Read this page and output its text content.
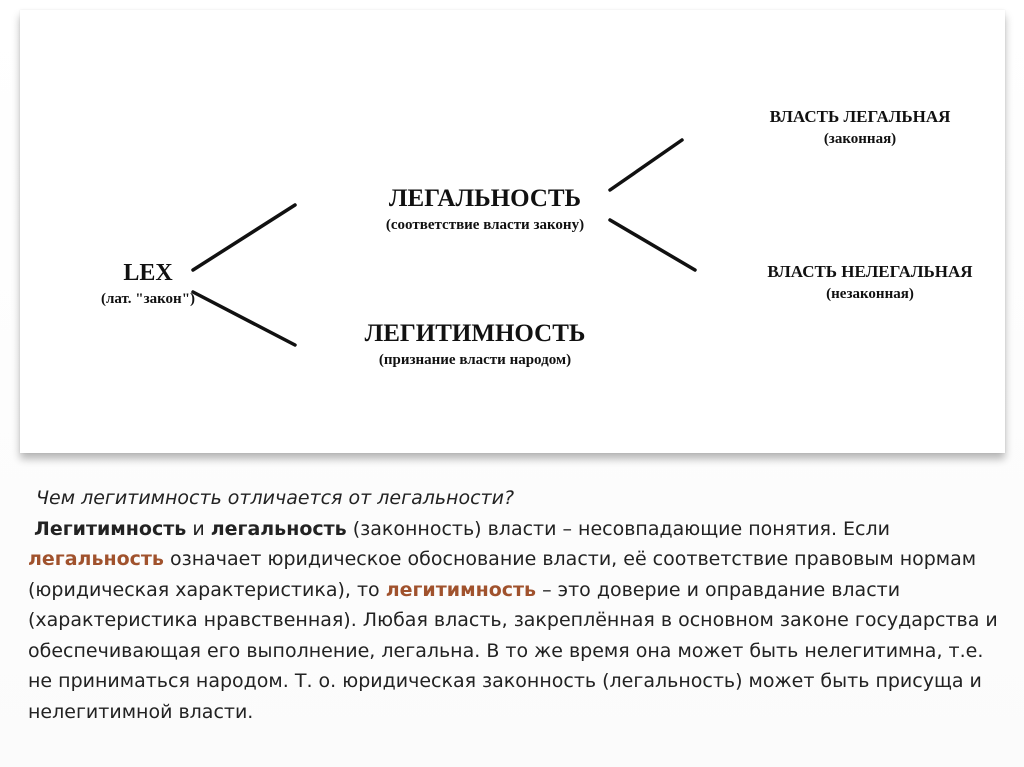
LEX
(лат. "закон")
ЛЕГАЛЬНОСТЬ
(соответствие власти закону)
ЛЕГИТИМНОСТЬ
(признание власти народом)
ВЛАСТЬ ЛЕГАЛЬНАЯ
(законная)
ВЛАСТЬ НЕЛЕГАЛЬНАЯ
(незаконная)
Чем легитимность отличается от легальности?
Легитимность и легальность (законность) власти – несовпадающие понятия. Если легальность означает юридическое обоснование власти, её соответствие правовым нормам (юридическая характеристика), то легитимность – это доверие и оправдание власти (характеристика нравственная). Любая власть, закреплённая в основном законе государства и обеспечивающая его выполнение, легальна. В то же время она может быть нелегитимна, т.е. не приниматься народом. Т. о. юридическая законность (легальность) может быть присуща и нелегитимной власти.
